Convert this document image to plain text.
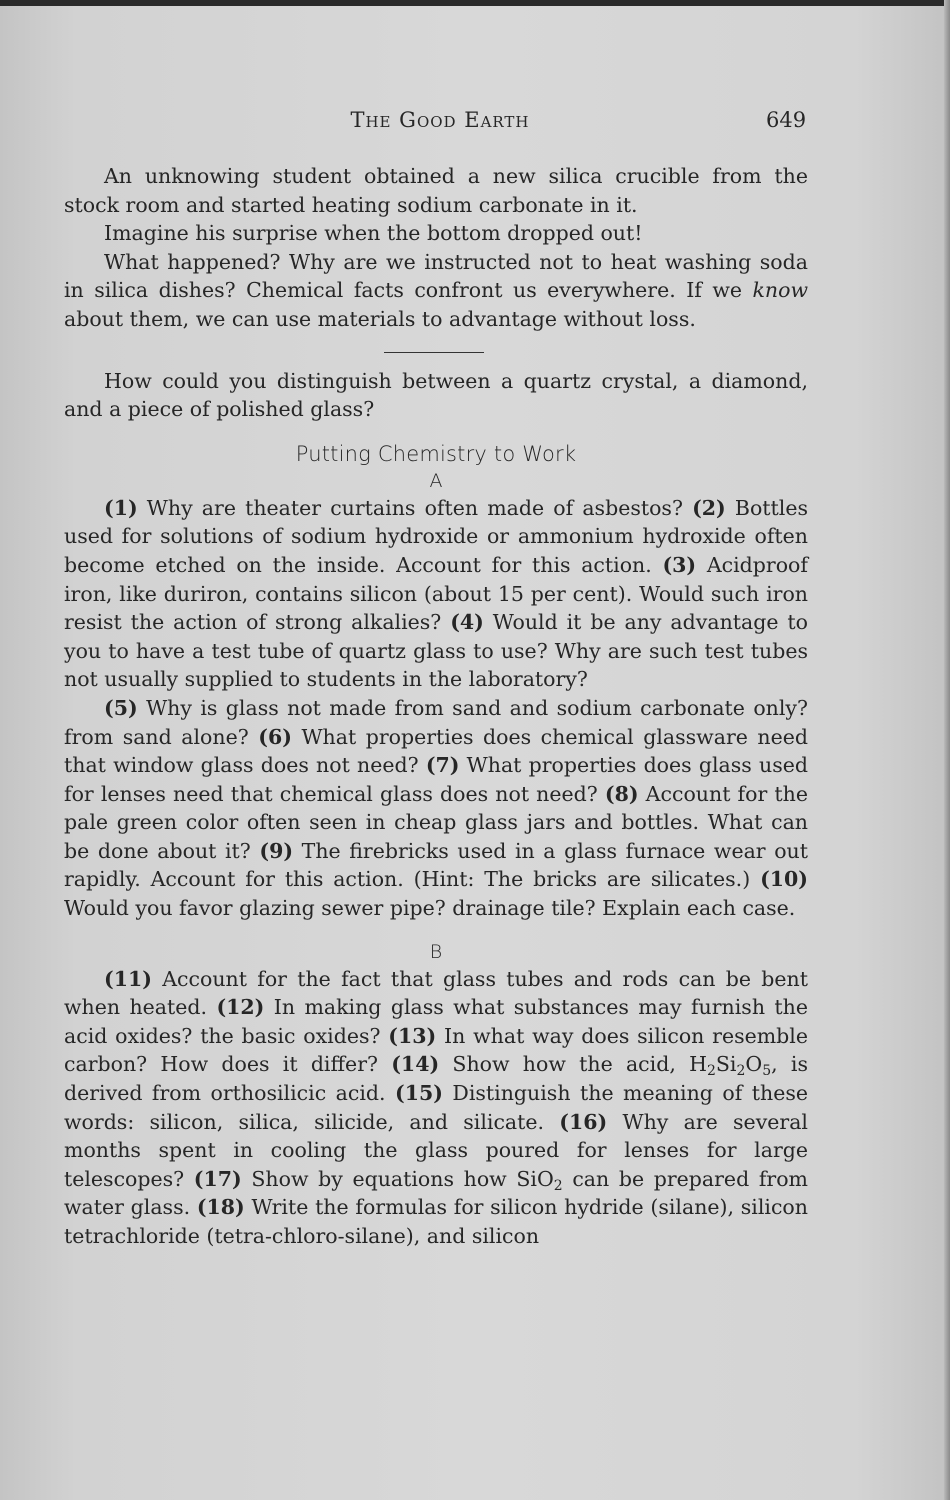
The Good Earth	649

An unknowing student obtained a new silica crucible from the stock room and started heating sodium carbonate in it.

Imagine his surprise when the bottom dropped out!

What happened? Why are we instructed not to heat washing soda in silica dishes? Chemical facts confront us everywhere. If we know about them, we can use materials to advantage without loss.

How could you distinguish between a quartz crystal, a diamond, and a piece of polished glass?

Putting Chemistry to Work
A

(1) Why are theater curtains often made of asbestos? (2) Bottles used for solutions of sodium hydroxide or ammonium hydroxide often become etched on the inside. Account for this action. (3) Acidproof iron, like duriron, contains silicon (about 15 per cent). Would such iron resist the action of strong alkalies? (4) Would it be any advantage to you to have a test tube of quartz glass to use? Why are such test tubes not usually supplied to students in the laboratory?

(5) Why is glass not made from sand and sodium carbonate only? from sand alone? (6) What properties does chemical glassware need that window glass does not need? (7) What properties does glass used for lenses need that chemical glass does not need? (8) Account for the pale green color often seen in cheap glass jars and bottles. What can be done about it? (9) The firebricks used in a glass furnace wear out rapidly. Account for this action. (Hint: The bricks are silicates.) (10) Would you favor glazing sewer pipe? drainage tile? Explain each case.

B

(11) Account for the fact that glass tubes and rods can be bent when heated. (12) In making glass what substances may furnish the acid oxides? the basic oxides? (13) In what way does silicon resemble carbon? How does it differ? (14) Show how the acid, $H_2Si_2O_5$, is derived from orthosilicic acid. (15) Distinguish the meaning of these words: silicon, silica, silicide, and silicate. (16) Why are several months spent in cooling the glass poured for lenses for large telescopes? (17) Show by equations how SiO$_2$ can be prepared from water glass. (18) Write the formulas for silicon hydride (silane), silicon tetrachloride (tetra-chloro-silane), and silicon
